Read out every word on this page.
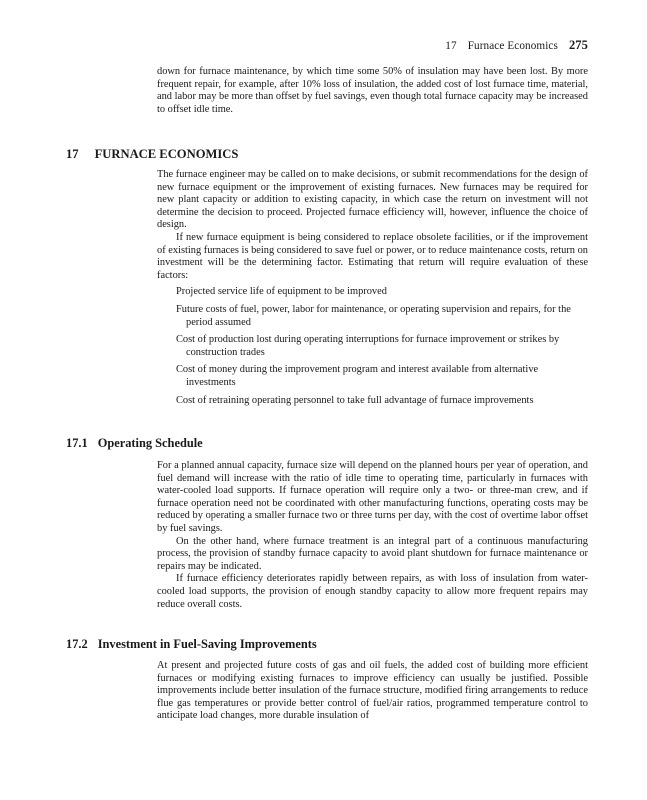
17 Furnace Economics 275

down for furnace maintenance, by which time some 50% of insulation may have been lost. By more frequent repair, for example, after 10% loss of insulation, the added cost of lost furnace time, material, and labor may be more than offset by fuel savings, even though total furnace capacity may be increased to offset idle time.

17 FURNACE ECONOMICS

The furnace engineer may be called on to make decisions, or submit recommendations for the design of new furnace equipment or the improvement of existing furnaces. New furnaces may be required for new plant capacity or addition to existing capacity, in which case the return on investment will not determine the decision to proceed. Projected furnace efficiency will, however, influence the choice of design.

If new furnace equipment is being considered to replace obsolete facilities, or if the improvement of existing furnaces is being considered to save fuel or power, or to reduce maintenance costs, return on investment will be the determining factor. Estimating that return will require evaluation of these factors:

Projected service life of equipment to be improved
Future costs of fuel, power, labor for maintenance, or operating supervision and repairs, for the period assumed
Cost of production lost during operating interruptions for furnace improvement or strikes by construction trades
Cost of money during the improvement program and interest available from alternative investments
Cost of retraining operating personnel to take full advantage of furnace improvements
17.1 Operating Schedule

For a planned annual capacity, furnace size will depend on the planned hours per year of operation, and fuel demand will increase with the ratio of idle time to operating time, particularly in furnaces with water-cooled load supports. If furnace operation will require only a two- or three-man crew, and if furnace operation need not be coordinated with other manufacturing functions, operating costs may be reduced by operating a smaller furnace two or three turns per day, with the cost of overtime labor offset by fuel savings.

On the other hand, where furnace treatment is an integral part of a continuous manufacturing process, the provision of standby furnace capacity to avoid plant shutdown for furnace maintenance or repairs may be indicated.

If furnace efficiency deteriorates rapidly between repairs, as with loss of insulation from water-cooled load supports, the provision of enough standby capacity to allow more frequent repairs may reduce overall costs.

17.2 Investment in Fuel-Saving Improvements

At present and projected future costs of gas and oil fuels, the added cost of building more efficient furnaces or modifying existing furnaces to improve efficiency can usually be justified. Possible improvements include better insulation of the furnace structure, modified firing arrangements to reduce flue gas temperatures or provide better control of fuel/air ratios, programmed temperature control to anticipate load changes, more durable insulation of
